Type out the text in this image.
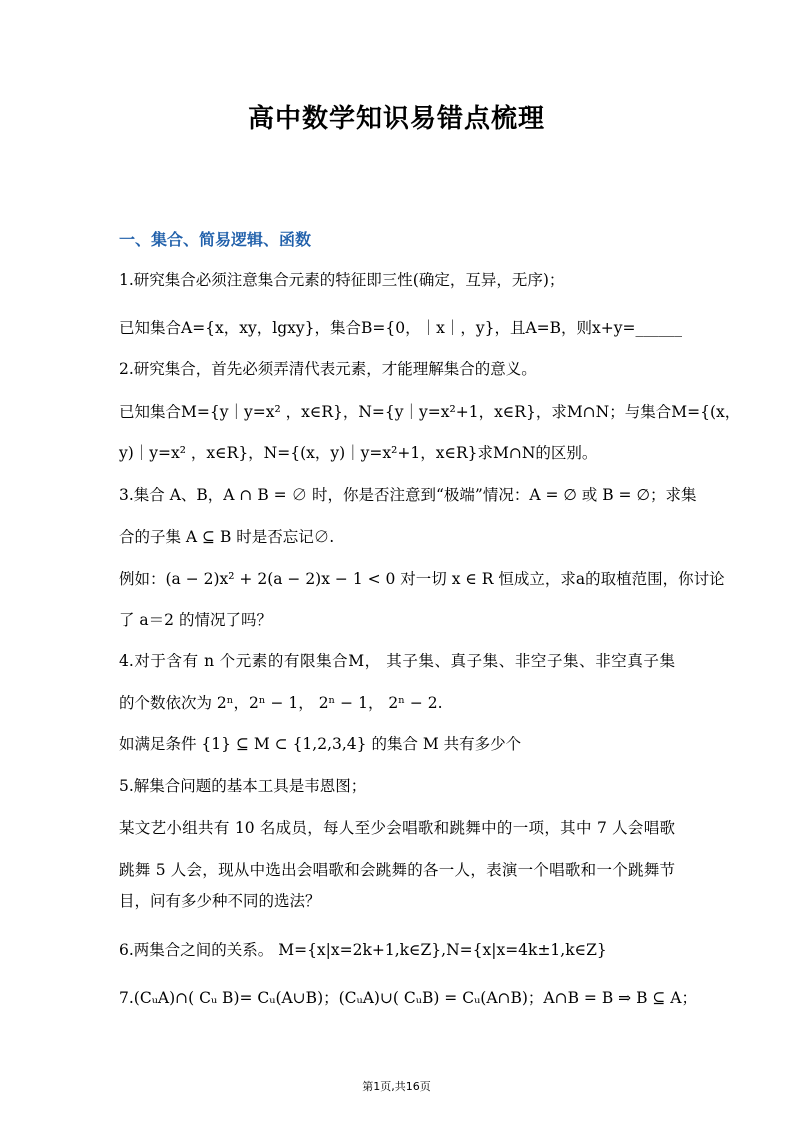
高中数学知识易错点梳理
一、集合、简易逻辑、函数
1.研究集合必须注意集合元素的特征即三性(确定，互异，无序)；
已知集合A={x，xy，lgxy}，集合B={0，｜x｜，y}，且A=B，则x+y=______
2.研究集合，首先必须弄清代表元素，才能理解集合的意义。
已知集合M={y｜y=x² ，x∈R}，N={y｜y=x²+1，x∈R}，求M∩N；与集合M={(x，
y)｜y=x² ，x∈R}，N={(x，y)｜y=x²+1，x∈R}求M∩N的区别。
3.集合 A、B，A ∩ B = ∅ 时，你是否注意到“极端”情况：A = ∅ 或 B = ∅；求集
合的子集 A ⊆ B 时是否忘记∅.
例如：(a − 2)x² + 2(a − 2)x − 1 < 0 对一切 x ∈ R 恒成立，求a的取植范围，你讨论
了 a＝2 的情况了吗？
4.对于含有 n 个元素的有限集合M， 其子集、真子集、非空子集、非空真子集
的个数依次为 2ⁿ，2ⁿ − 1， 2ⁿ − 1， 2ⁿ − 2.
如满足条件 {1} ⊆ M ⊂ {1,2,3,4} 的集合 M 共有多少个
5.解集合问题的基本工具是韦恩图；
某文艺小组共有 10 名成员，每人至少会唱歌和跳舞中的一项，其中 7 人会唱歌
跳舞 5 人会，现从中选出会唱歌和会跳舞的各一人，表演一个唱歌和一个跳舞节
目，问有多少种不同的选法？
6.两集合之间的关系。 M={x|x=2k+1,k∈Z},N={x|x=4k±1,k∈Z}
7.(CᵤA)∩( Cᵤ B)= Cᵤ(A∪B)；(CᵤA)∪( CᵤB) = Cᵤ(A∩B)；A∩B = B ⇒ B ⊆ A；
第1页,共16页
